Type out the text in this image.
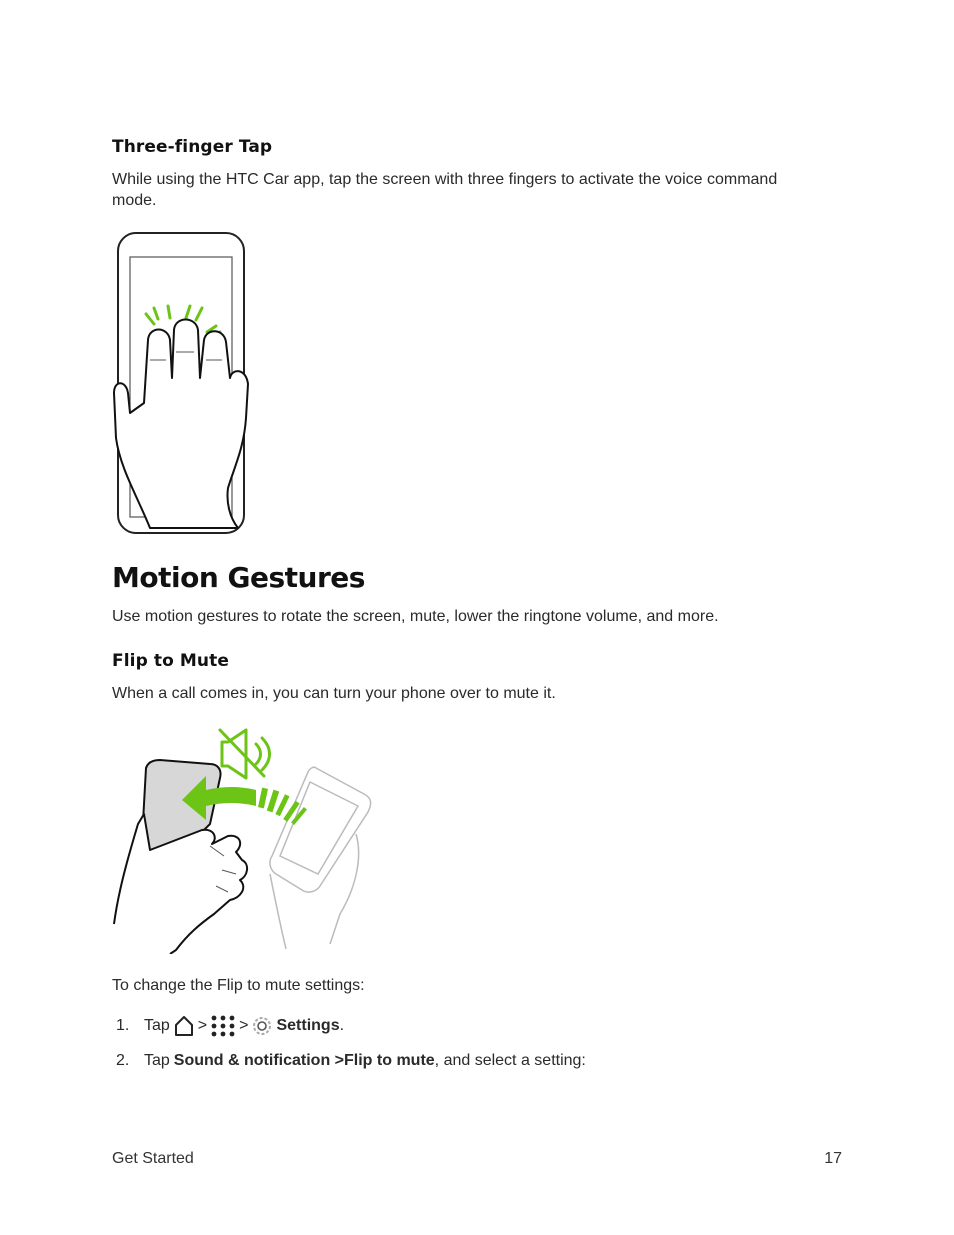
Three-finger Tap
While using the HTC Car app, tap the screen with three fingers to activate the voice command
mode.
Motion Gestures
Use motion gestures to rotate the screen, mute, lower the ringtone volume, and more.
Flip to Mute
When a call comes in, you can turn your phone over to mute it.
To change the Flip to mute settings:
1. Tap > > Settings .
2. Tap Sound & notification >Flip to mute , and select a setting:
Get Started	17
